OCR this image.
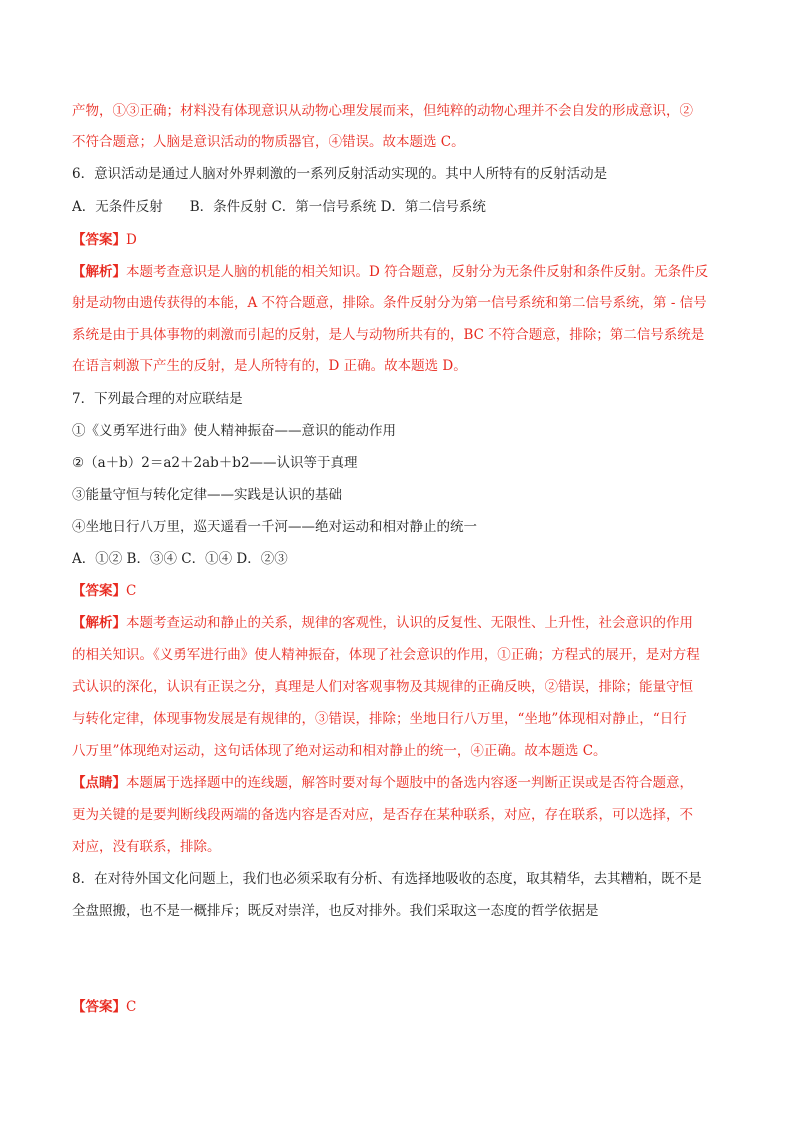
产物，①③正确；材料没有体现意识从动物心理发展而来，但纯粹的动物心理并不会自发的形成意识，②
不符合题意；人脑是意识活动的物质器官，④错误。故本题选 C。
6．意识活动是通过人脑对外界刺激的一系列反射活动实现的。其中人所特有的反射活动是
A．无条件反射　　B．条件反射 C．第一信号系统 D．第二信号系统
【答案】D
【解析】本题考查意识是人脑的机能的相关知识。D 符合题意，反射分为无条件反射和条件反射。无条件反
射是动物由遗传获得的本能，A 不符合题意，排除。条件反射分为第一信号系统和第二信号系统，第 - 信号
系统是由于具体事物的刺激而引起的反射，是人与动物所共有的，BC 不符合题意，排除；第二信号系统是
在语言刺激下产生的反射，是人所特有的，D 正确。故本题选 D。
7．下列最合理的对应联结是
①《义勇军进行曲》使人精神振奋——意识的能动作用
②（a＋b）2＝a2＋2ab＋b2——认识等于真理
③能量守恒与转化定律——实践是认识的基础
④坐地日行八万里，巡天遥看一千河——绝对运动和相对静止的统一
A．①② B．③④ C．①④ D．②③
【答案】C
【解析】本题考查运动和静止的关系，规律的客观性，认识的反复性、无限性、上升性，社会意识的作用
的相关知识。《义勇军进行曲》使人精神振奋，体现了社会意识的作用，①正确；方程式的展开，是对方程
式认识的深化，认识有正误之分，真理是人们对客观事物及其规律的正确反映，②错误，排除；能量守恒
与转化定律，体现事物发展是有规律的，③错误，排除；坐地日行八万里，“坐地”体现相对静止，“日行
八万里”体现绝对运动，这句话体现了绝对运动和相对静止的统一，④正确。故本题选 C。
【点睛】本题属于选择题中的连线题，解答时要对每个题肢中的备选内容逐一判断正误或是否符合题意，
更为关键的是要判断线段两端的备选内容是否对应，是否存在某种联系，对应，存在联系，可以选择，不
对应，没有联系，排除。
8．在对待外国文化问题上，我们也必须采取有分析、有选择地吸收的态度，取其精华，去其糟粕，既不是
全盘照搬，也不是一概排斥；既反对崇洋，也反对排外。我们采取这一态度的哲学依据是
【答案】C
